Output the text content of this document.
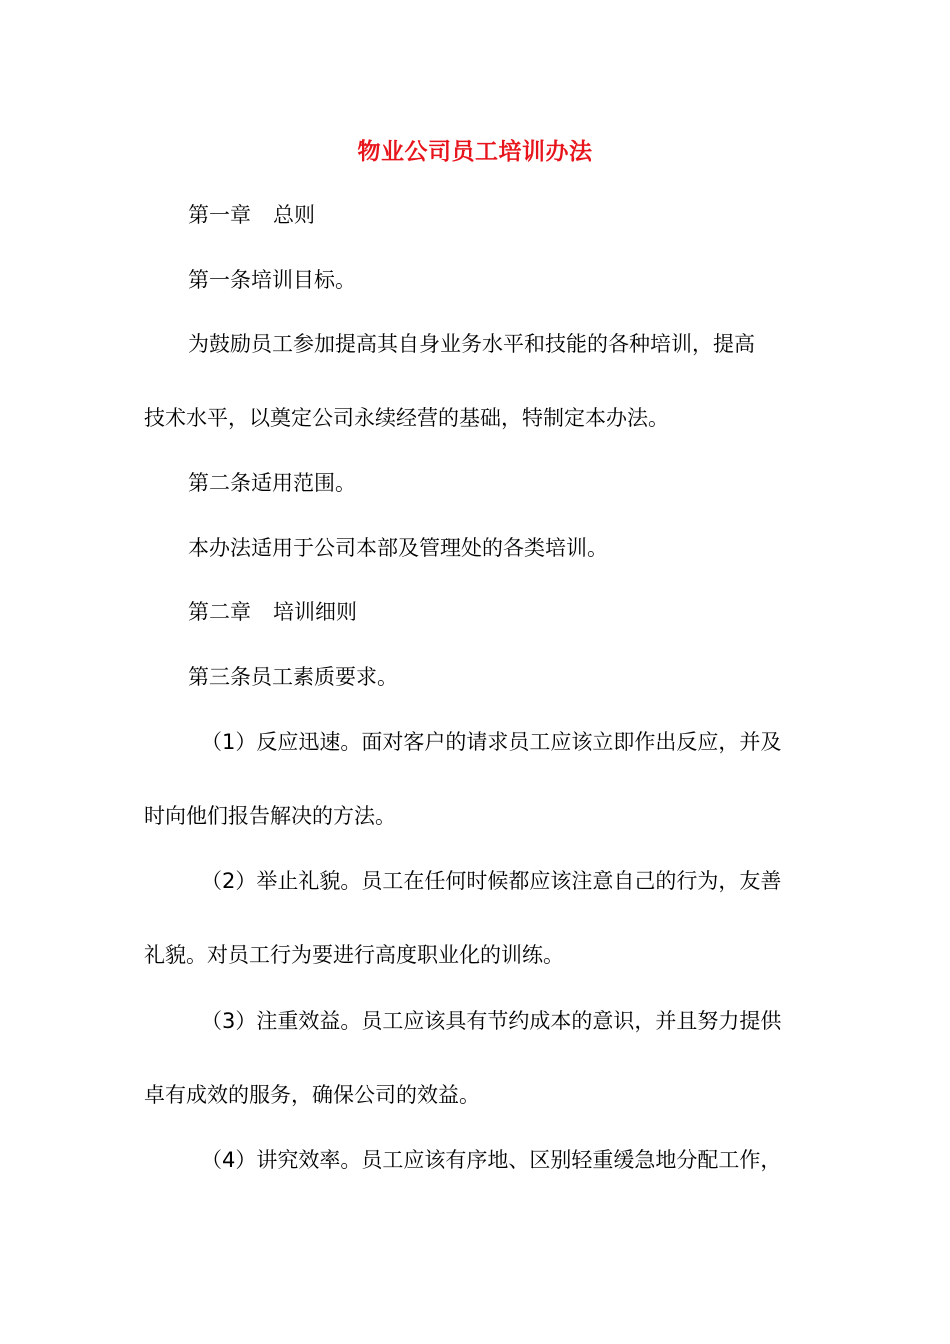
物业公司员工培训办法
第一章 总则
第一条培训目标。
为鼓励员工参加提高其自身业务水平和技能的各种培训，提高
技术水平，以奠定公司永续经营的基础，特制定本办法。
第二条适用范围。
本办法适用于公司本部及管理处的各类培训。
第二章 培训细则
第三条员工素质要求。
（1）反应迅速。面对客户的请求员工应该立即作出反应，并及
时向他们报告解决的方法。
（2）举止礼貌。员工在任何时候都应该注意自己的行为，友善
礼貌。对员工行为要进行高度职业化的训练。
（3）注重效益。员工应该具有节约成本的意识，并且努力提供
卓有成效的服务，确保公司的效益。
（4）讲究效率。员工应该有序地、区别轻重缓急地分配工作，
